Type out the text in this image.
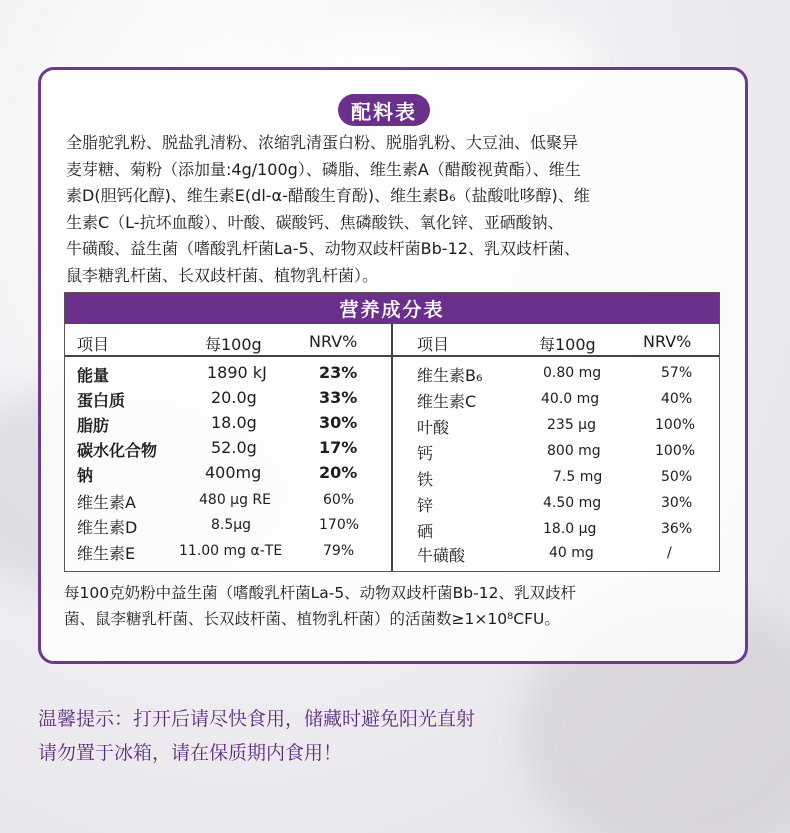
配料表
全脂驼乳粉、脱盐乳清粉、浓缩乳清蛋白粉、脱脂乳粉、大豆油、低聚异
麦芽糖、菊粉（添加量:4g/100g）、磷脂、维生素A（醋酸视黄酯）、维生
素D(胆钙化醇)、维生素E(dl-α-醋酸生育酚)、维生素B₆（盐酸吡哆醇)、维
生素C（L-抗坏血酸）、叶酸、碳酸钙、焦磷酸铁、氧化锌、亚硒酸钠、
牛磺酸、益生菌（嗜酸乳杆菌La-5、动物双歧杆菌Bb-12、乳双歧杆菌、
鼠李糖乳杆菌、长双歧杆菌、植物乳杆菌）。
营养成分表
项目	每100g	NRV%	项目	每100g	NRV%
能量	1890 kJ	23%
蛋白质	20.0g	33%
脂肪	18.0g	30%
碳水化合物	52.0g	17%
钠	400mg	20%
维生素A	480 μg RE	60%
维生素D	8.5μg	170%
维生素E	11.00 mg α-TE	79%
维生素B₆	0.80 mg	57%
维生素C	40.0 mg	40%
叶酸	235 μg	100%
钙	800 mg	100%
铁	7.5 mg	50%
锌	4.50 mg	30%
硒	18.0 μg	36%
牛磺酸	40 mg	/
每100克奶粉中益生菌（嗜酸乳杆菌La-5、动物双歧杆菌Bb-12、乳双歧杆
菌、鼠李糖乳杆菌、长双歧杆菌、植物乳杆菌）的活菌数≥1×10⁸CFU。
温馨提示：打开后请尽快食用，储藏时避免阳光直射
请勿置于冰箱，请在保质期内食用！
